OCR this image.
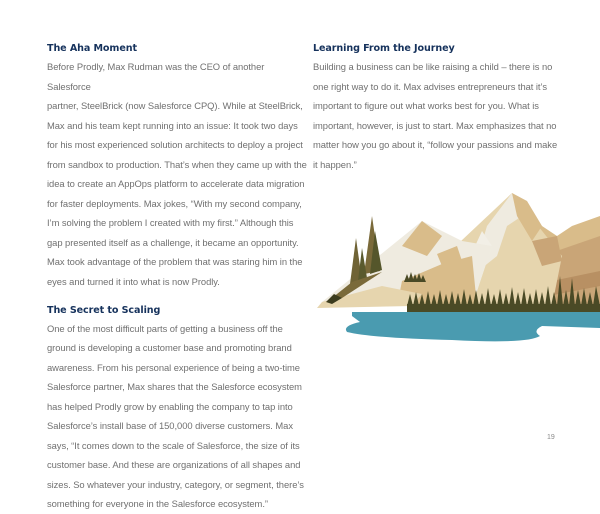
The Aha Moment
Before Prodly, Max Rudman was the CEO of another Salesforce
partner, SteelBrick (now Salesforce CPQ). While at SteelBrick,
Max and his team kept running into an issue: It took two days
for his most experienced solution architects to deploy a project
from sandbox to production. That’s when they came up with the
idea to create an AppOps platform to accelerate data migration
for faster deployments. Max jokes, “With my second company,
I’m solving the problem I created with my first.” Although this
gap presented itself as a challenge, it became an opportunity.
Max took advantage of the problem that was staring him in the
eyes and turned it into what is now Prodly.
The Secret to Scaling
One of the most difficult parts of getting a business off the
ground is developing a customer base and promoting brand
awareness. From his personal experience of being a two-time
Salesforce partner, Max shares that the Salesforce ecosystem
has helped Prodly grow by enabling the company to tap into
Salesforce’s install base of 150,000 diverse customers. Max
says, “It comes down to the scale of Salesforce, the size of its
customer base. And these are organizations of all shapes and
sizes. So whatever your industry, category, or segment, there’s
something for everyone in the Salesforce ecosystem.”
Learning From the Journey
Building a business can be like raising a child – there is no
one right way to do it. Max advises entrepreneurs that it’s
important to figure out what works best for you. What is
important, however, is just to start. Max emphasizes that no
matter how you go about it, “follow your passions and make
it happen.”
19
